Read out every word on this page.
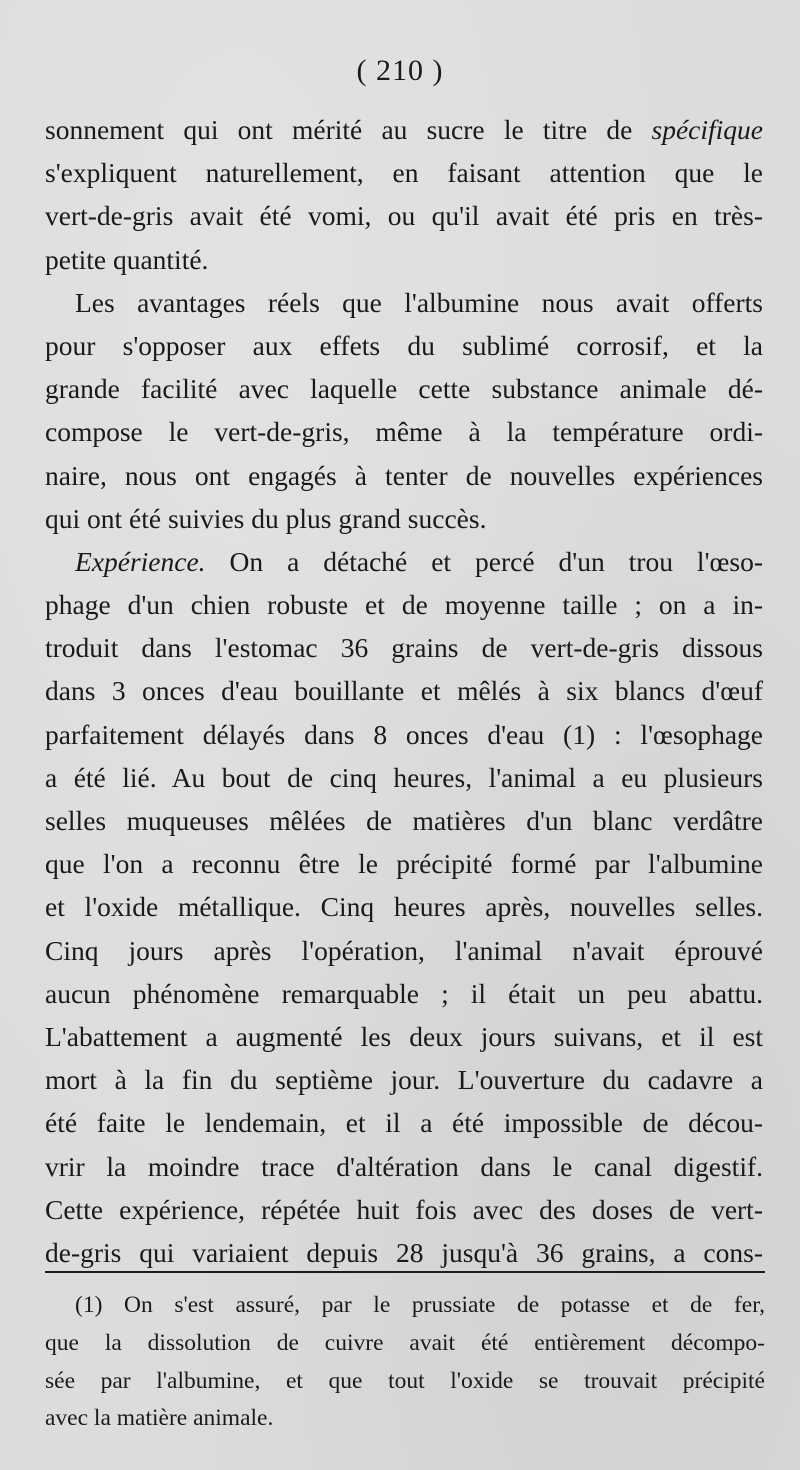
( 210 )
sonnement qui ont mérité au sucre le titre de spécifique
s'expliquent naturellement, en faisant attention que le
vert-de-gris avait été vomi, ou qu'il avait été pris en très-
petite quantité.
Les avantages réels que l'albumine nous avait offerts
pour s'opposer aux effets du sublimé corrosif, et la
grande facilité avec laquelle cette substance animale dé-
compose le vert-de-gris, même à la température ordi-
naire, nous ont engagés à tenter de nouvelles expériences
qui ont été suivies du plus grand succès.
Expérience. On a détaché et percé d'un trou l'œso-
phage d'un chien robuste et de moyenne taille ; on a in-
troduit dans l'estomac 36 grains de vert-de-gris dissous
dans 3 onces d'eau bouillante et mêlés à six blancs d'œuf
parfaitement délayés dans 8 onces d'eau (1) : l'œsophage
a été lié. Au bout de cinq heures, l'animal a eu plusieurs
selles muqueuses mêlées de matières d'un blanc verdâtre
que l'on a reconnu être le précipité formé par l'albumine
et l'oxide métallique. Cinq heures après, nouvelles selles.
Cinq jours après l'opération, l'animal n'avait éprouvé
aucun phénomène remarquable ; il était un peu abattu.
L'abattement a augmenté les deux jours suivans, et il est
mort à la fin du septième jour. L'ouverture du cadavre a
été faite le lendemain, et il a été impossible de décou-
vrir la moindre trace d'altération dans le canal digestif.
Cette expérience, répétée huit fois avec des doses de vert-
de-gris qui variaient depuis 28 jusqu'à 36 grains, a cons-
(1) On s'est assuré, par le prussiate de potasse et de fer,
que la dissolution de cuivre avait été entièrement décompo-
sée par l'albumine, et que tout l'oxide se trouvait précipité
avec la matière animale.
